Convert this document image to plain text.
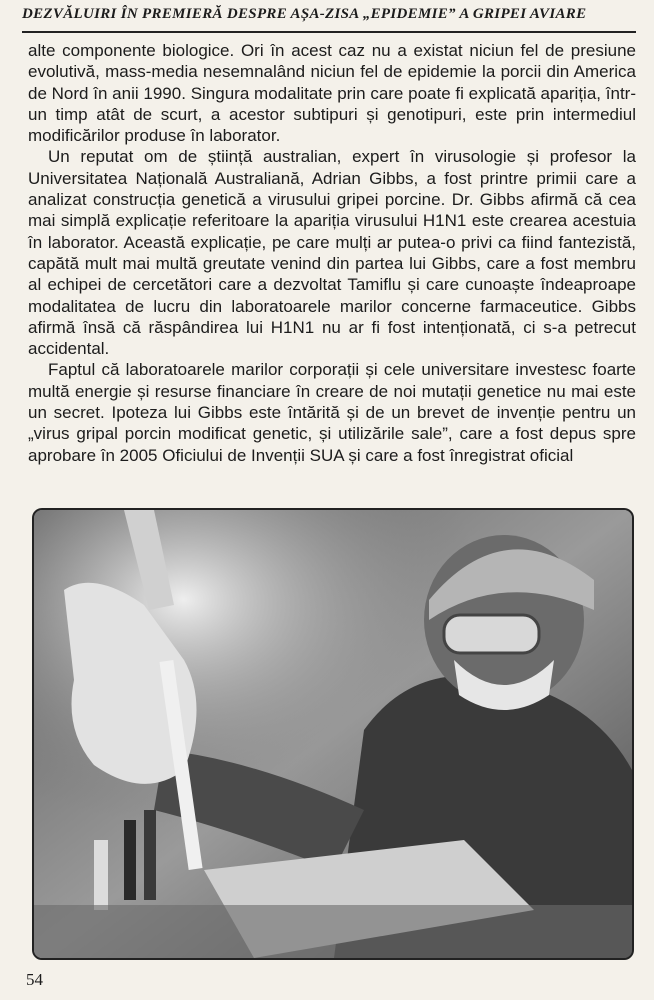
DEZVĂLUIRI ÎN PREMIERĂ DESPRE AȘA-ZISA „EPIDEMIE” A GRIPEI AVIARE

alte componente biologice. Ori în acest caz nu a existat niciun fel de presiune evolutivă, mass-media nesemnalând niciun fel de epidemie la porcii din America de Nord în anii 1990. Singura modalitate prin care poate fi explicată apariția, într-un timp atât de scurt, a acestor subtipuri și genotipuri, este prin intermediul modificărilor produse în laborator.

Un reputat om de știință australian, expert în virusologie și profesor la Universitatea Națională Australiană, Adrian Gibbs, a fost printre primii care a analizat construcția genetică a virusului gripei porcine. Dr. Gibbs afirmă că cea mai simplă explicație referitoare la apariția virusului H1N1 este crearea acestuia în laborator. Această explicație, pe care mulți ar putea-o privi ca fiind fantezistă, capătă mult mai multă greutate venind din partea lui Gibbs, care a fost membru al echipei de cercetători care a dezvoltat Tamiflu și care cunoaște îndeaproape modalitatea de lucru din laboratoarele marilor concerne farmaceutice. Gibbs afirmă însă că răspândirea lui H1N1 nu ar fi fost intenționată, ci s-a petrecut accidental.

Faptul că laboratoarele marilor corporații și cele universitare investesc foarte multă energie și resurse financiare în creare de noi mutații genetice nu mai este un secret. Ipoteza lui Gibbs este întărită și de un brevet de invenție pentru un „virus gripal porcin modificat genetic, și utilizările sale”, care a fost depus spre aprobare în 2005 Oficiului de Invenții SUA și care a fost înregistrat oficial

54
